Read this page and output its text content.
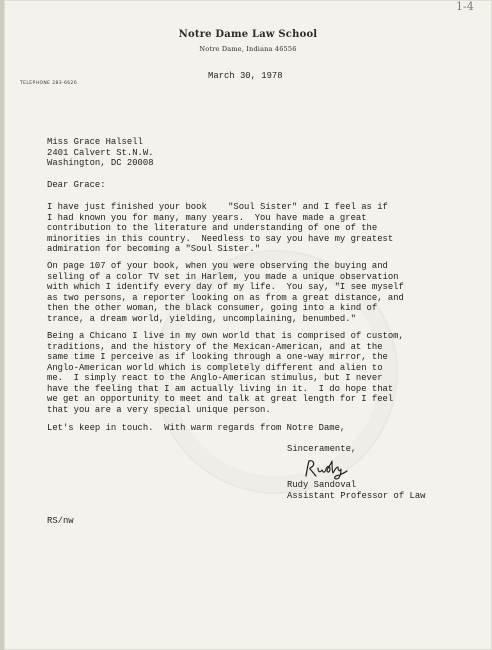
1-4
Notre Dame Law School
Notre Dame, Indiana 46556
TELEPHONE 283-6626
March 30, 1978
Miss Grace Halsell
2401 Calvert St.N.W.
Washington, DC 20008
Dear Grace:
I have just finished your book    "Soul Sister" and I feel as if
I had known you for many, many years.  You have made a great
contribution to the literature and understanding of one of the
minorities in this country.  Needless to say you have my greatest
admiration for becoming a "Soul Sister."
On page 107 of your book, when you were observing the buying and
selling of a color TV set in Harlem, you made a unique observation
with which I identify every day of my life.  You say, "I see myself
as two persons, a reporter looking on as from a great distance, and
then the other woman, the black consumer, going into a kind of
trance, a dream world, yielding, uncomplaining, benumbed."
Being a Chicano I live in my own world that is comprised of custom,
traditions, and the history of the Mexican-American, and at the
same time I perceive as if looking through a one-way mirror, the
Anglo-American world which is completely different and alien to
me.  I simply react to the Anglo-American stimulus, but I never
have the feeling that I am actually living in it.  I do hope that
we get an opportunity to meet and talk at great length for I feel
that you are a very special unique person.
Let's keep in touch.  With warm regards from Notre Dame,
Sinceramente,
Rudy Sandoval
Assistant Professor of Law
RS/nw
